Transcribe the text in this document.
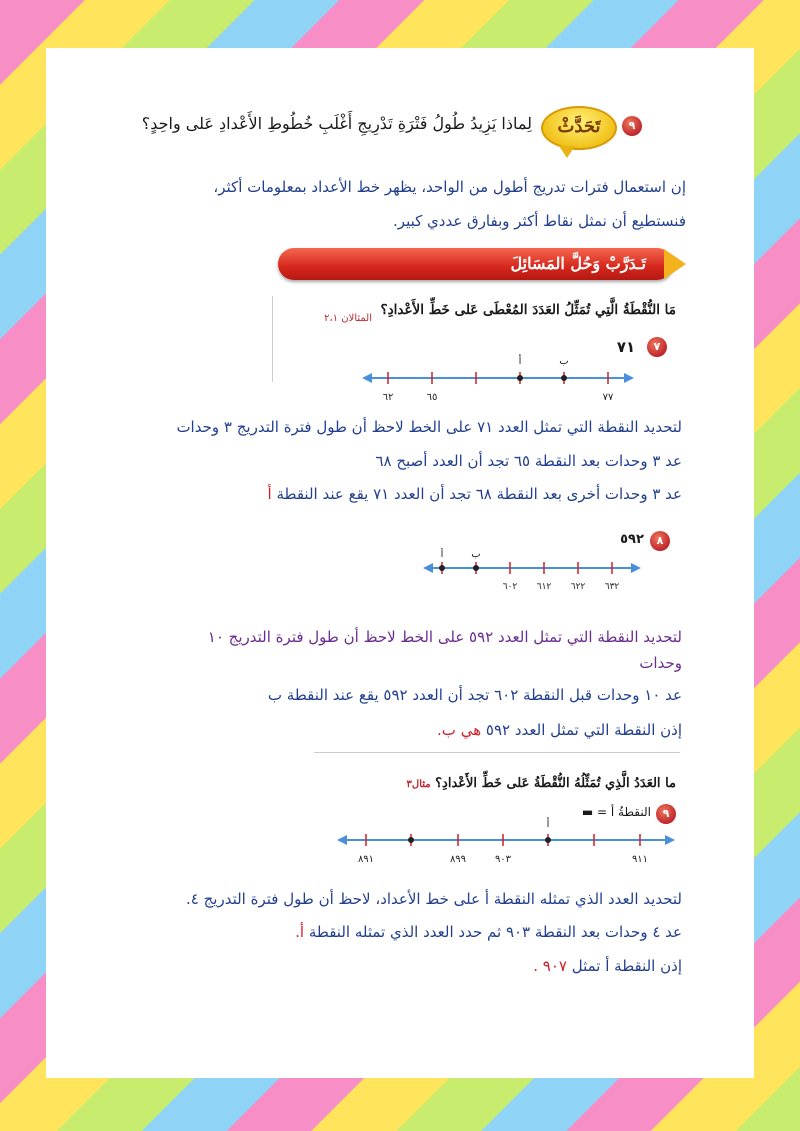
٩
تَحَدَّثْ
لِماذا يَزِيدُ طُولُ فَتْرَةِ تَدْرِيجِ أَغْلَبِ خُطُوطِ الأَعْدادِ عَلى واحِدٍ؟
إن استعمال فترات تدريج أطول من الواحد، يظهر خط الأعداد بمعلومات أكثر،
فنستطيع أن نمثل نقاط أكثر وبفارق عددي كبير.
تَـدَرَّبْ وَحُلَّ المَسَائِلَ
المثالان ٢،١
مَا النُّقْطَةُ الَّتِي تُمَثِّلُ العَدَدَ المُعْطَى عَلى خَطِّ الأَعْدادِ؟
٧
٧١
أ	ب
٦٢	٦٥	٧٧
لتحديد النقطة التي تمثل العدد ٧١ على الخط لاحظ أن طول فترة التدريج ٣ وحدات
عد ٣ وحدات بعد النقطة ٦٥ تجد أن العدد أصبح ٦٨
عد ٣ وحدات أخرى بعد النقطة ٦٨ تجد أن العدد ٧١ يقع عند النقطة أ
٨
٥٩٢
أ	ب
٦٠٢ ٦١٢ ٦٢٢ ٦٣٢
لتحديد النقطة التي تمثل العدد ٥٩٢ على الخط لاحظ أن طول فترة التدريج ١٠
وحدات
عد ١٠ وحدات قبل النقطة ٦٠٢ تجد أن العدد ٥٩٢ يقع عند النقطة ب
إذن النقطة التي تمثل العدد ٥٩٢ هي ب.
ما العَدَدُ الَّذِي تُمَثِّلُهُ النُّقْطَةُ عَلى خَطِّ الأَعْدادِ؟ مثال٣
٩
النقطةُ أ = ▬
أ
٨٩١	٨٩٩	٩٠٣	٩١١
لتحديد العدد الذي تمثله النقطة أ على خط الأعداد، لاحظ أن طول فترة التدريج ٤.
عد ٤ وحدات بعد النقطة ٩٠٣ ثم حدد العدد الذي تمثله النقطة أ.
إذن النقطة أ تمثل ٩٠٧ .
